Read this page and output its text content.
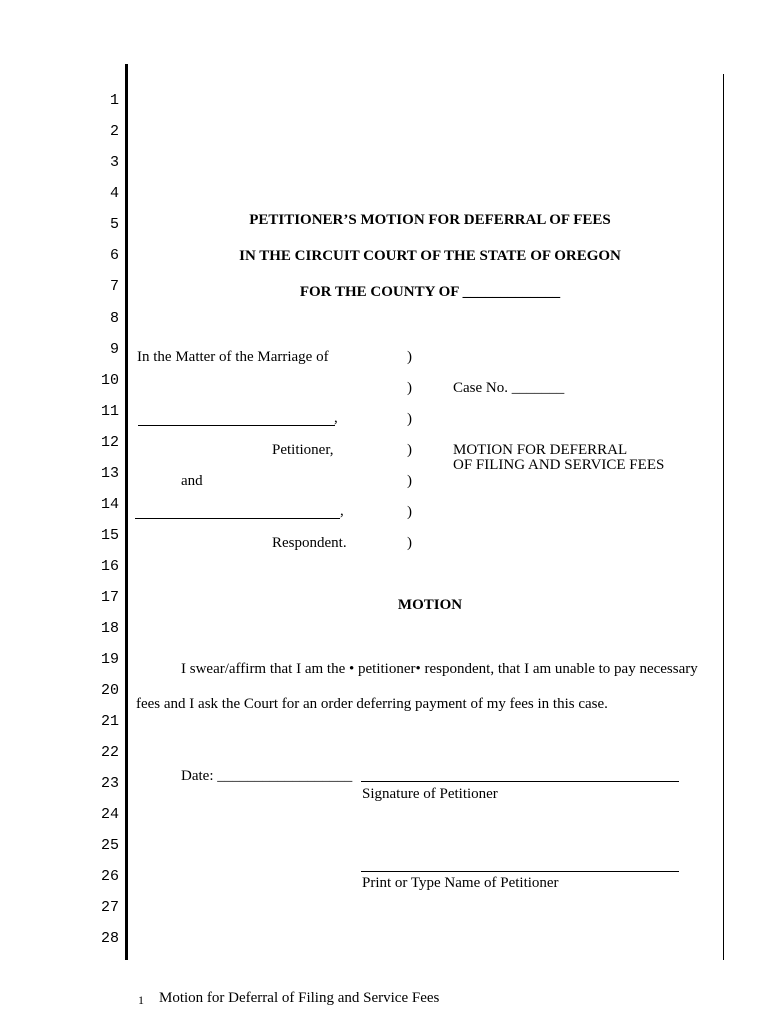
1
2
3
4
5
6
7
8
9
10
11
12
13
14
15
16
17
18
19
20
21
22
23
24
25
26
27
28
PETITIONER’S MOTION FOR DEFERRAL OF FEES
IN THE CIRCUIT COURT OF THE STATE OF OREGON
FOR THE COUNTY OF _____________
In the Matter of the Marriage of
,
Petitioner,
and
,
Respondent.
)
)
)
)
)
)
)
Case No. _______
MOTION FOR DEFERRAL
OF FILING AND SERVICE FEES
MOTION
I swear/affirm that I am the • petitioner• respondent, that I am unable to pay necessary
fees and I ask the Court for an order deferring payment of my fees in this case.
Date: __________________
Signature of Petitioner
Print or Type Name of Petitioner
1 Motion for Deferral of Filing and Service Fees
